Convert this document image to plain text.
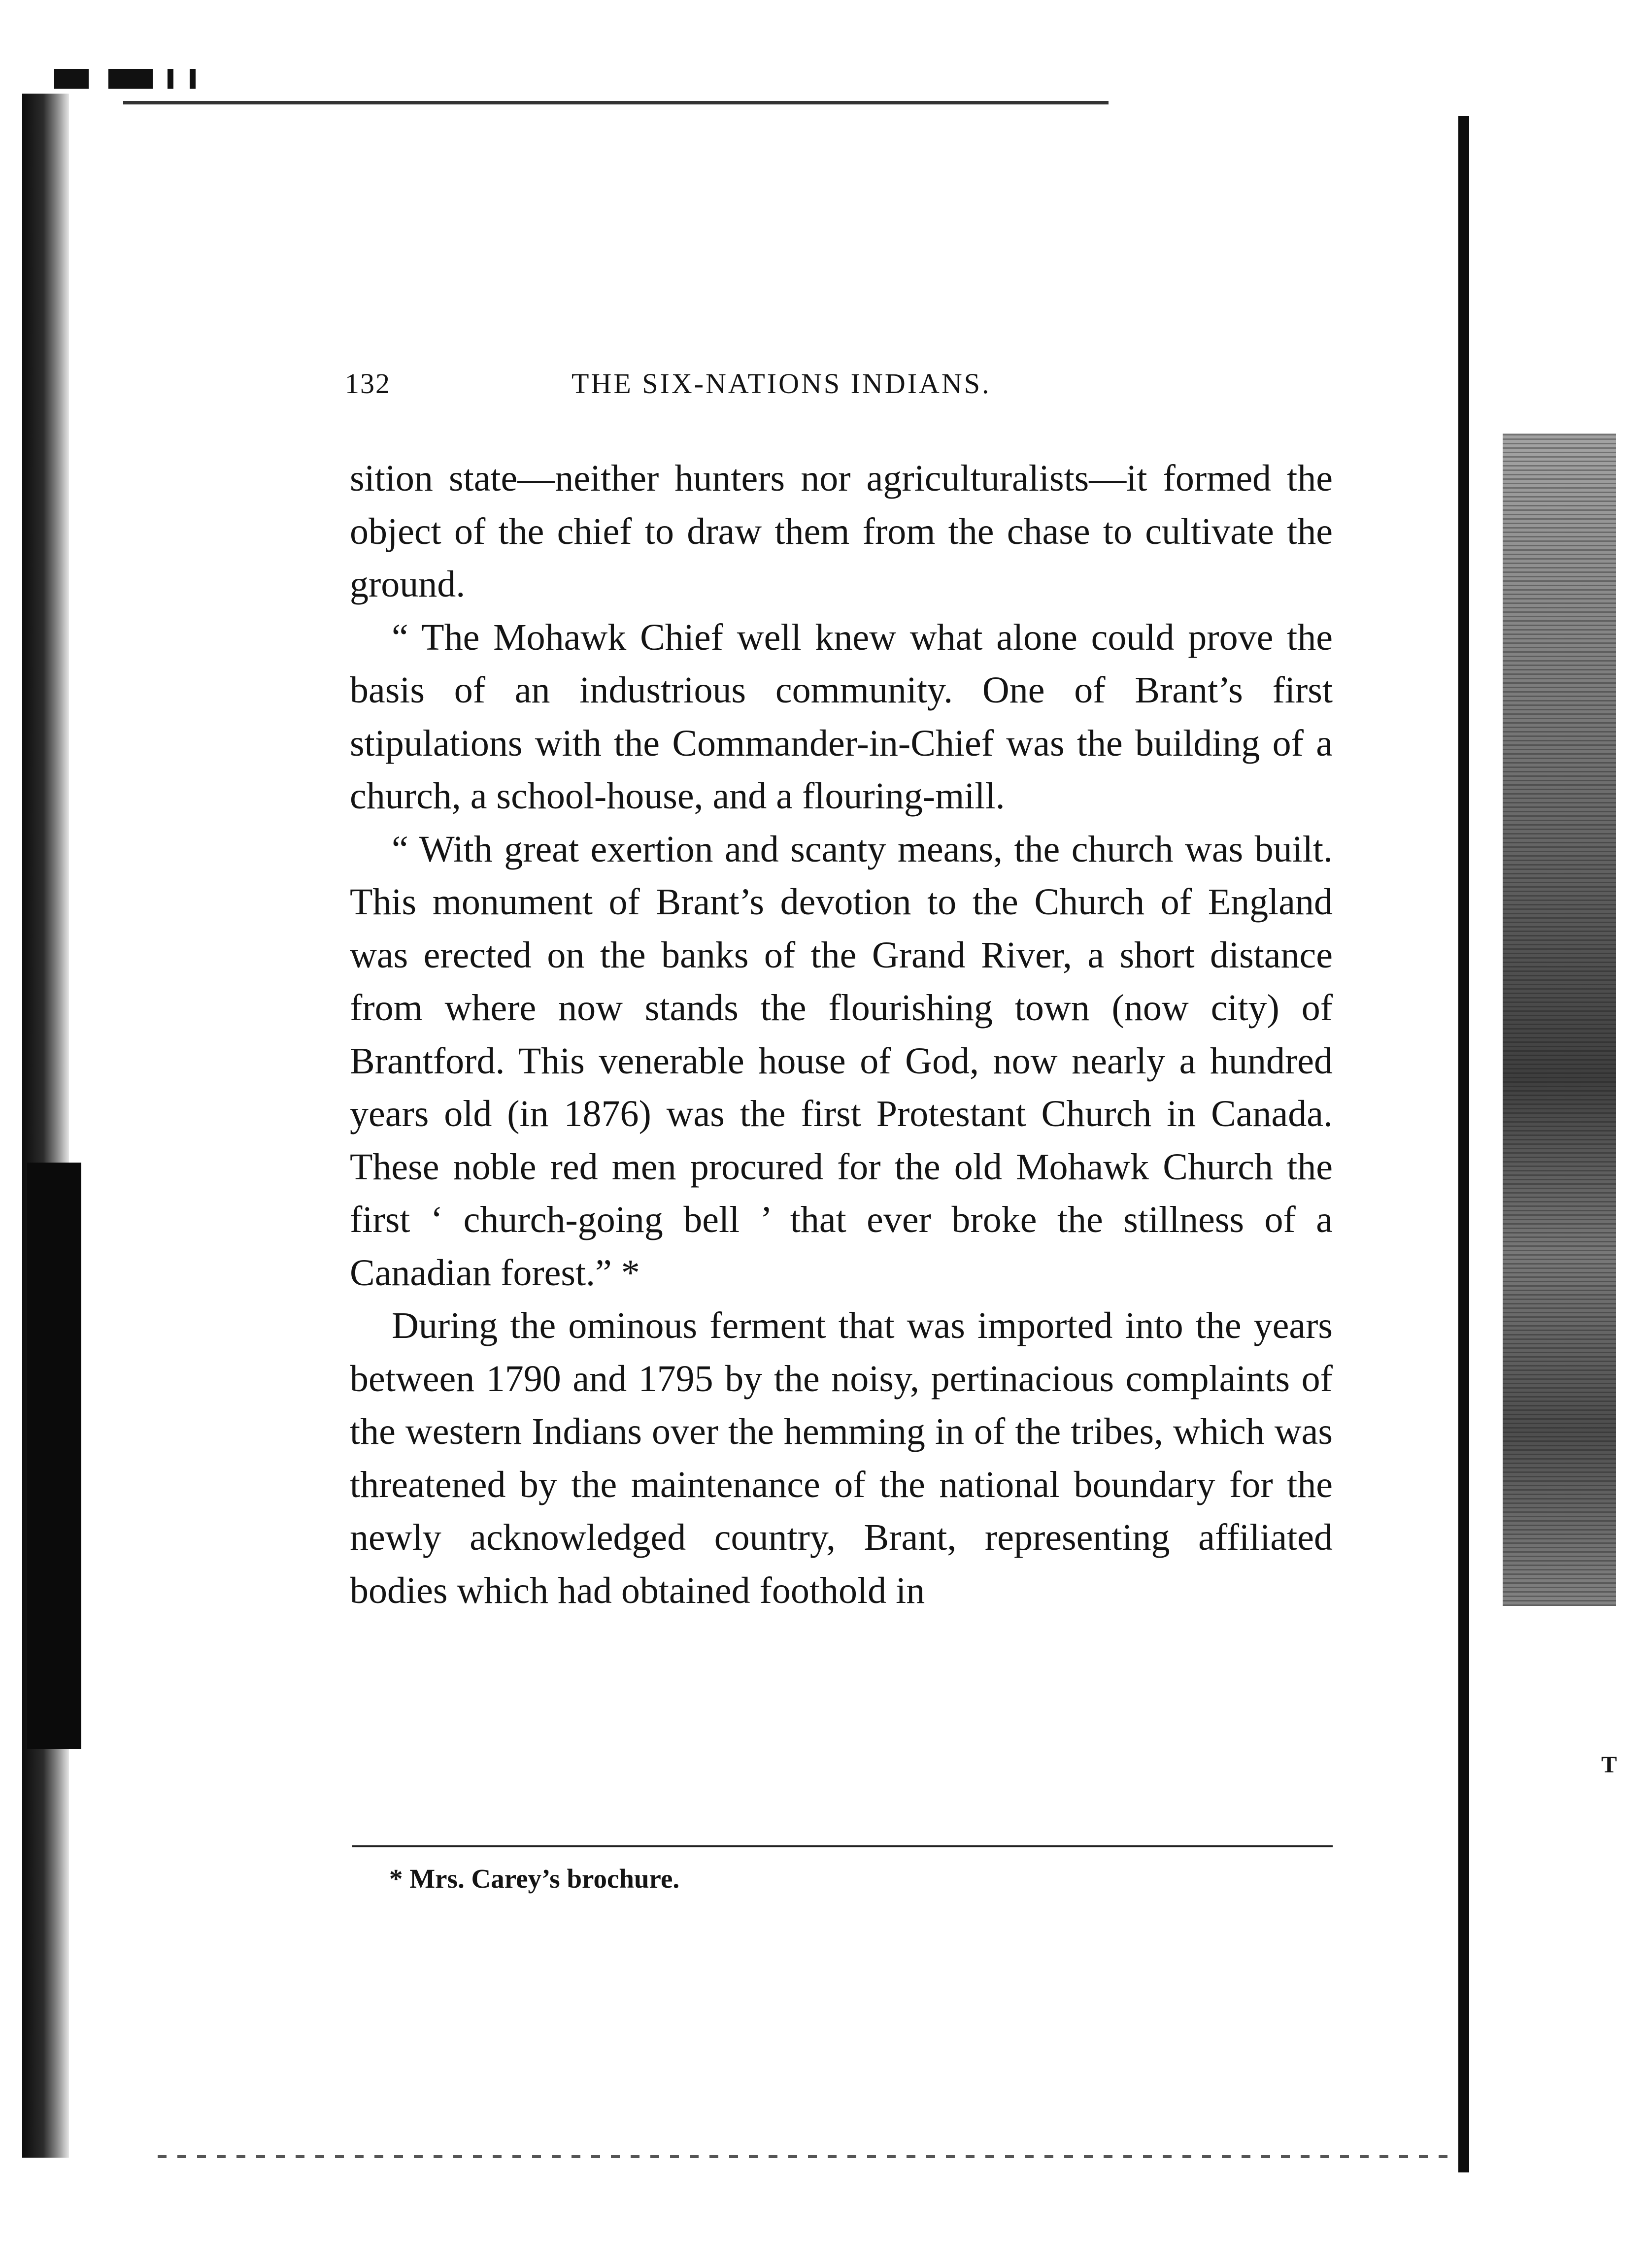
T
132	THE SIX-NATIONS INDIANS.

sition state—neither hunters nor agriculturalists—it formed the object of the chief to draw them from the chase to cultivate the ground.

“ The Mohawk Chief well knew what alone could prove the basis of an industrious community. One of Brant’s first stipulations with the Commander-in-Chief was the building of a church, a school-house, and a flouring-mill.

“ With great exertion and scanty means, the church was built. This monument of Brant’s devotion to the Church of England was erected on the banks of the Grand River, a short distance from where now stands the flourishing town (now city) of Brantford. This venerable house of God, now nearly a hundred years old (in 1876) was the first Protestant Church in Canada. These noble red men procured for the old Mohawk Church the first ‘ church-going bell ’ that ever broke the stillness of a Canadian forest.” *

During the ominous ferment that was imported into the years between 1790 and 1795 by the noisy, pertinacious complaints of the western Indians over the hemming in of the tribes, which was threatened by the maintenance of the national boundary for the newly acknowledged country, Brant, representing affiliated bodies which had obtained foothold in

* Mrs. Carey’s brochure.
